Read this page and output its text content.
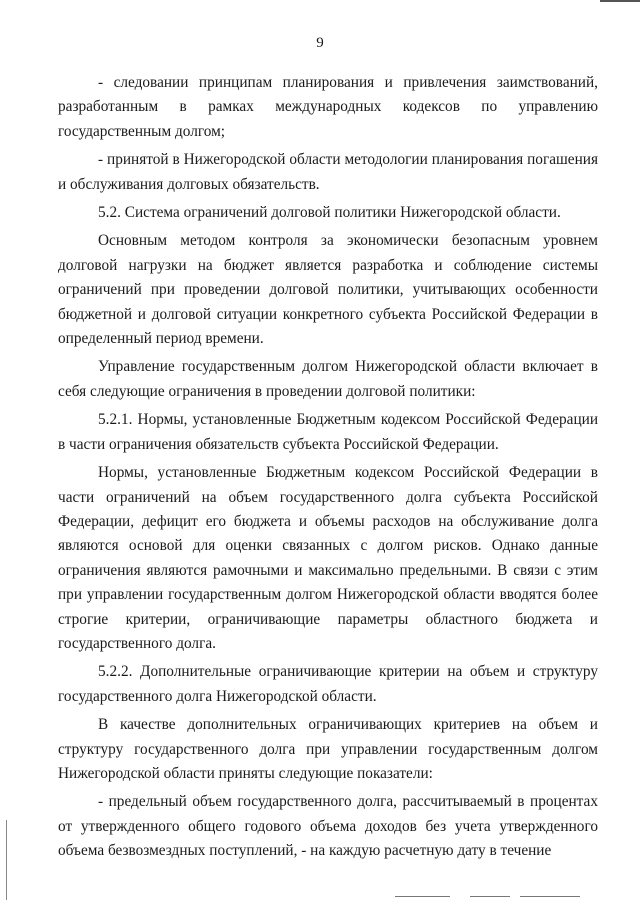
9

- следовании принципам планирования и привлечения заимствований, разработанным в рамках международных кодексов по управлению государственным долгом;

- принятой в Нижегородской области методологии планирования погашения и обслуживания долговых обязательств.

5.2. Система ограничений долговой политики Нижегородской области.

Основным методом контроля за экономически безопасным уровнем долговой нагрузки на бюджет является разработка и соблюдение системы ограничений при проведении долговой политики, учитывающих особенности бюджетной и долговой ситуации конкретного субъекта Российской Федерации в определенный период времени.

Управление государственным долгом Нижегородской области включает в себя следующие ограничения в проведении долговой политики:

5.2.1. Нормы, установленные Бюджетным кодексом Российской Федерации в части ограничения обязательств субъекта Российской Федерации.

Нормы, установленные Бюджетным кодексом Российской Федерации в части ограничений на объем государственного долга субъекта Российской Федерации, дефицит его бюджета и объемы расходов на обслуживание долга являются основой для оценки связанных с долгом рисков. Однако данные ограничения являются рамочными и максимально предельными. В связи с этим при управлении государственным долгом Нижегородской области вводятся более строгие критерии, ограничивающие параметры областного бюджета и государственного долга.

5.2.2. Дополнительные ограничивающие критерии на объем и структуру государственного долга Нижегородской области.

В качестве дополнительных ограничивающих критериев на объем и структуру государственного долга при управлении государственным долгом Нижегородской области приняты следующие показатели:

- предельный объем государственного долга, рассчитываемый в процентах от утвержденного общего годового объема доходов без учета утвержденного объема безвозмездных поступлений, - на каждую расчетную дату в течение
